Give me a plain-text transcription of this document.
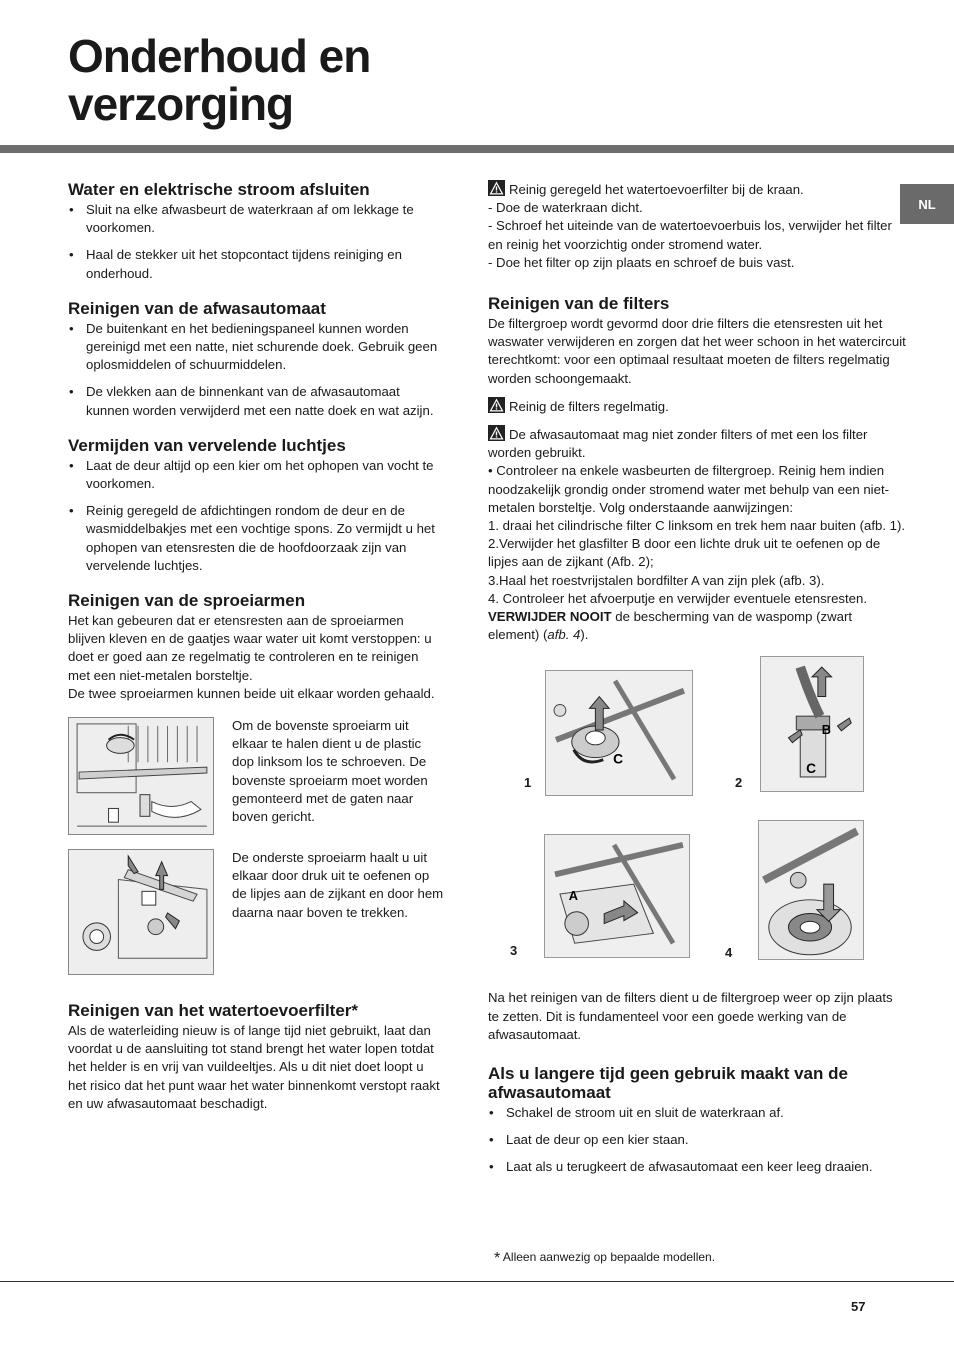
Onderhoud en
verzorging
NL
Water en elektrische stroom afsluiten
• Sluit na elke afwasbeurt de waterkraan af om lekkage te voorkomen.
• Haal de stekker uit het stopcontact tijdens reiniging en onderhoud.
Reinigen van de afwasautomaat
• De buitenkant en het bedieningspaneel kunnen worden gereinigd met een natte, niet schurende doek. Gebruik geen oplosmiddelen of schuurmiddelen.
• De vlekken aan de binnenkant van de afwasautomaat kunnen worden verwijderd met een natte doek en wat azijn.
Vermijden van vervelende luchtjes
• Laat de deur altijd op een kier om het ophopen van vocht te voorkomen.
• Reinig geregeld de afdichtingen rondom de deur en de wasmiddelbakjes met een vochtige spons. Zo vermijdt u het ophopen van etensresten die de hoofdoorzaak zijn van vervelende luchtjes.
Reinigen van de sproeiarmen

Het kan gebeuren dat er etensresten aan de sproeiarmen blijven kleven en de gaatjes waar water uit komt verstoppen: u doet er goed aan ze regelmatig te controleren en te reinigen met een niet-metalen borsteltje.

De twee sproeiarmen kunnen beide uit elkaar worden gehaald.

Om de bovenste sproeiarm uit elkaar te halen dient u de plastic dop linksom los te schroeven. De bovenste sproeiarm moet worden gemonteerd met de gaten naar boven gericht.

De onderste sproeiarm haalt u uit elkaar door druk uit te oefenen op de lipjes aan de zijkant en door hem daarna naar boven te trekken.

Reinigen van het watertoevoerfilter*

Als de waterleiding nieuw is of lange tijd niet gebruikt, laat dan voordat u de aansluiting tot stand brengt het water lopen totdat het helder is en vrij van vuildeeltjes. Als u dit niet doet loopt u het risico dat het punt waar het water binnenkomt verstopt raakt en uw afwasautomaat beschadigt.

Reinig geregeld het watertoevoerfilter bij de kraan.

- Doe de waterkraan dicht.

- Schroef het uiteinde van de watertoevoerbuis los, verwijder het filter en reinig het voorzichtig onder stromend water.

- Doe het filter op zijn plaats en schroef de buis vast.

Reinigen van de filters

De filtergroep wordt gevormd door drie filters die etensresten uit het waswater verwijderen en zorgen dat het weer schoon in het watercircuit terechtkomt: voor een optimaal resultaat moeten de filters regelmatig worden schoongemaakt.

Reinig de filters regelmatig.

De afwasautomaat mag niet zonder filters of met een los filter worden gebruikt.

• Controleer na enkele wasbeurten de filtergroep. Reinig hem indien noodzakelijk grondig onder stromend water met behulp van een niet-metalen borsteltje. Volg onderstaande aanwijzingen:

1. draai het cilindrische filter C linksom en trek hem naar buiten (afb. 1).

2.Verwijder het glasfilter B door een lichte druk uit te oefenen op de lipjes aan de zijkant (Afb. 2);

3.Haal het roestvrijstalen bordfilter A van zijn plek (afb. 3).

4. Controleer het afvoerputje en verwijder eventuele etensresten. VERWIJDER NOOIT de bescherming van de waspomp (zwart element) (afb. 4).

C
B
C
A
1	2
3	4

Na het reinigen van de filters dient u de filtergroep weer op zijn plaats te zetten. Dit is fundamenteel voor een goede werking van de afwasautomaat.

Als u langere tijd geen gebruik maakt van de afwasautomaat
• Schakel de stroom uit en sluit de waterkraan af.
• Laat de deur op een kier staan.
• Laat als u terugkeert de afwasautomaat een keer leeg draaien.
* Alleen aanwezig op bepaalde modellen.
57
